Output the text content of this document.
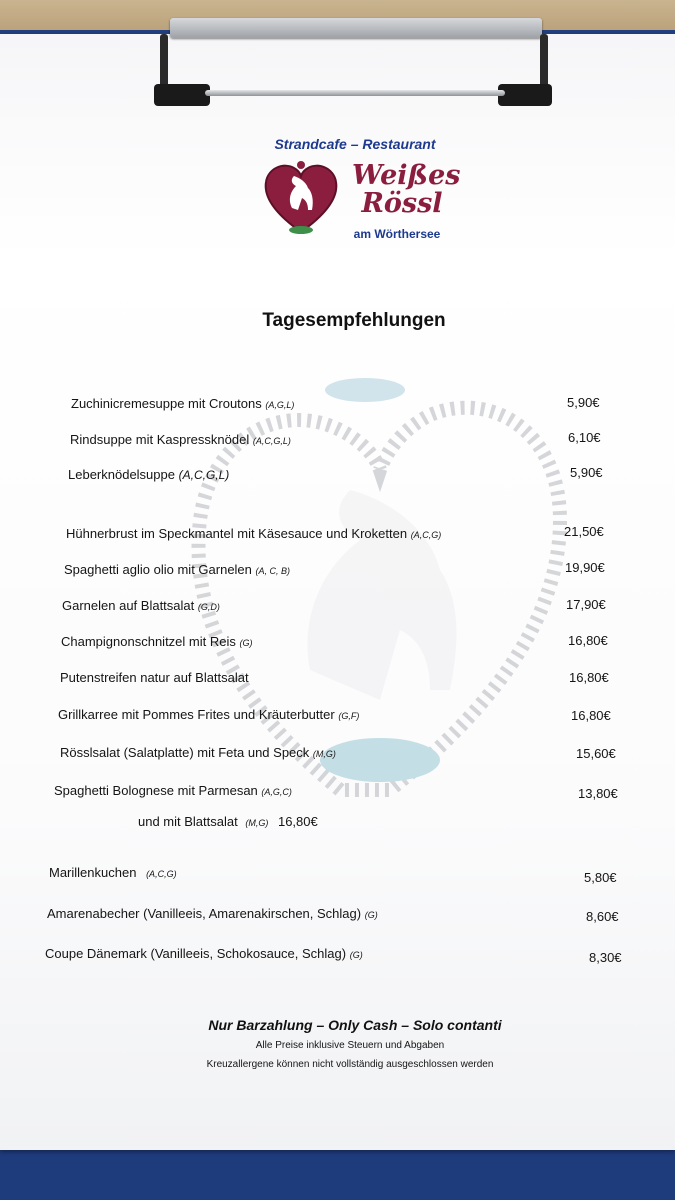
Strandcafe – Restaurant
Weißes
Rössl
am Wörthersee
Tagesempfehlungen
Zuchinicremesuppe mit Croutons (A,G,L)	5,90€
Rindsuppe mit Kaspressknödel (A,C,G,L)	6,10€
Leberknödelsuppe (A,C,G,L)	5,90€
Hühnerbrust im Speckmantel mit Käsesauce und Kroketten (A,C,G)	21,50€
Spaghetti aglio olio mit Garnelen (A, C, B)	19,90€
Garnelen auf Blattsalat (G,D)	17,90€
Champignonschnitzel mit Reis (G)	16,80€
Putenstreifen natur auf Blattsalat	16,80€
Grillkarree mit Pommes Frites und Kräuterbutter (G,F)	16,80€
Rösslsalat (Salatplatte) mit Feta und Speck (M,G)	15,60€
Spaghetti Bolognese mit Parmesan (A,G,C)	13,80€
und mit Blattsalat (M,G) 16,80€
Marillenkuchen (A,C,G)	5,80€
Amarenabecher (Vanilleeis, Amarenakirschen, Schlag) (G)	8,60€
Coupe Dänemark (Vanilleeis, Schokosauce, Schlag) (G)	8,30€
Nur Barzahlung – Only Cash – Solo contanti
Alle Preise inklusive Steuern und Abgaben
Kreuzallergene können nicht vollständig ausgeschlossen werden
